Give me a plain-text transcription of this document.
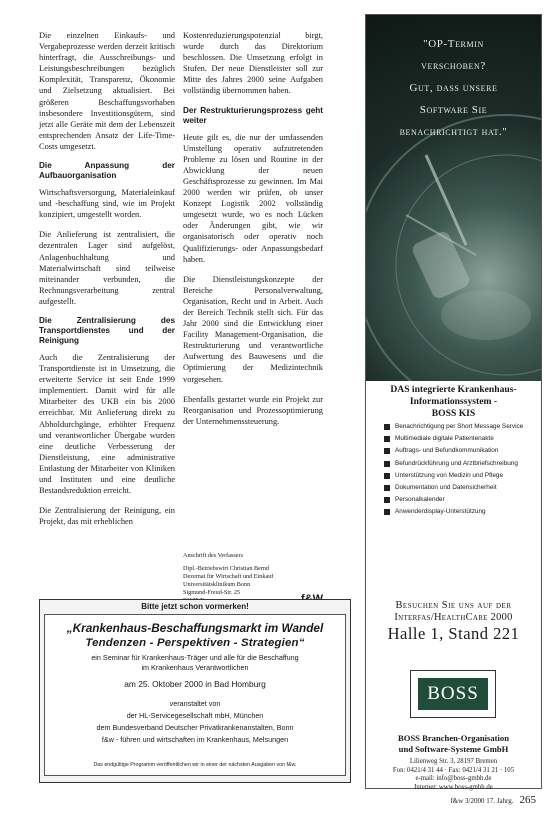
Die einzelnen Einkaufs- und Vergabeprozesse werden derzeit kritisch hinterfragt, die Ausschreibungs- und Leistungsbeschreibungen bezüglich Komplexität, Transparenz, Ökonomie und Zielsetzung aktualisiert. Bei größeren Beschaffungsvorhaben insbesondere Investitionsgütern, sind jetzt alle Geräte mit dem der Lebenszeit entsprechenden Ansatz der Life-Time-Costs umgesetzt.

Die Anpassung der Aufbauorganisation

Wirtschaftsversorgung, Materialeinkauf und -beschaffung sind, wie im Projekt konzipiert, umgestellt worden.

Die Anlieferung ist zentralisiert, die dezentralen Lager sind aufgelöst, Anlagenbuchhaltung und Materialwirtschaft sind teilweise miteinander verbunden, die Rechnungsverarbeitung zentral aufgestellt.

Die Zentralisierung des Transportdienstes und der Reinigung

Auch die Zentralisierung der Transportdienste ist in Umsetzung, die erweiterte Service ist seit Ende 1999 implementiert. Damit wird für alle Mitarbeiter des UKB ein bis 2000 erreichbar. Mit Anlieferung direkt zu Abholdurchgänge, erhöhter Frequenz und verantwortlicher Übergabe wurden eine deutliche Verbesserung der Dienstleistung, eine administrative Entlastung der Mitarbeiter von Kliniken und Instituten und eine deutliche Bestandsreduktion erreicht.

Die Zentralisierung der Reinigung, ein Projekt, das mit erheblichen

Kostenreduzierungspotenzial birgt, wurde durch das Direktorium beschlossen. Die Umsetzung erfolgt in Stufen. Der neue Dienstleister soll zur Mitte des Jahres 2000 seine Aufgaben vollständig übernommen haben.

Der Restrukturierungsprozess geht weiter

Heute gilt es, die nur der umfassenden Umstellung operativ aufzutretenden Probleme zu lösen und Routine in der Abwicklung der neuen Geschäftsprozesse zu gewinnen. Im Mai 2000 werden wir prüfen, ob unser Konzept Logistik 2002 vollständig umgesetzt wurde, wo es noch Lücken oder Änderungen gibt, wie wir organisatorisch oder operativ noch Qualifizierungs- oder Anpassungsbedarf haben.

Die Dienstleistungskonzepte der Bereiche Personalverwaltung, Organisation, Recht und in Arbeit. Auch der Bereich Technik stellt sich. Für das Jahr 2000 sind die Entwicklung einer Facility Management-Organisation, die Restrukturierung und verantwortliche Aufwertung des Bauwesens und die Optimierung der Medizintechnik vorgesehen.

Ebenfalls gestartet wurde ein Projekt zur Reorganisation und Prozessoptimierung der Unternehmenssteuerung.

Anschrift des Verfassers
Dipl.-Betriebswirt Christian Bernd
Dezernat für Wirtschaft und Einkauf
Universitätsklinikum Bonn
Sigmund-Freud-Str. 25
"OP-Termin
verschoben?
Gut, dass unsere
Software Sie
benachrichtigt hat."
DAS integrierte Krankenhaus-
Informationssystem -
BOSS KIS
Benachrichtigung per Short Message Service
Multimediale digitale Patientenakte
Auftrags- und Befundkommunikation
Befundrückführung und Arztbriefschreibung
Unterstützung von Medizin und Pflege
Dokumentation und Datensicherheit
Personalkalender
Anwenderdisplay-Unterstützung
Besuchen Sie uns auf der
Interfas/HealthCare 2000
Halle 1, Stand 221
BOSS
BOSS Branchen-Organisation
und Software-Systeme GmbH
Lilienweg Str. 3, 28197 Bremen
Fon: 0421/4 31 44 · Fax: 0421/4 31 21 · 105
e-mail: info@boss-gmbh.de
Internet: www.boss-gmbh.de
Bitte jetzt schon vormerken!
„Krankenhaus-Beschaffungsmarkt im Wandel
Tendenzen - Perspektiven - Strategien“
ein Seminar für Krankenhaus-Träger und alle für die Beschaffung
im Krankenhaus Verantwortlichen
am 25. Oktober 2000 in Bad Homburg
veranstaltet von
der HL-Servicegesellschaft mbH, München
dem Bundesverband Deutscher Privatkrankenanstalten, Bonn
f&w - führen und wirtschaften im Krankenhaus, Melsungen
Das endgültige Programm veröffentlichen wir in einer der nächsten Ausgaben von f&w.
f&w 3/2000 17. Jahrg. 265
